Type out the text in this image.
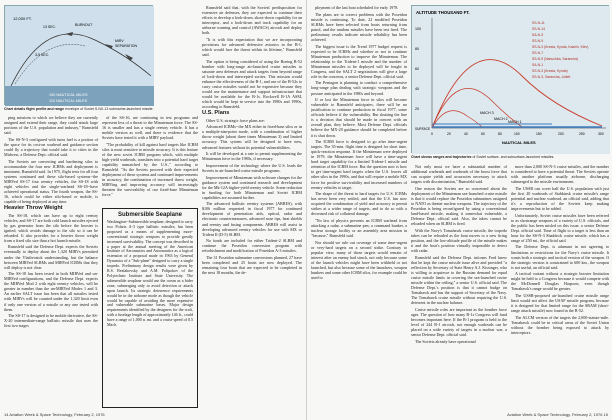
12,000 FT.
13 SEC.
3-5 SEC.
BURNOUT
MIRV
SEPARATION
150 NAUTICAL MILES
110 NAUTICAL MILES
Chart details flight profile and range envelope of Soviet S-NX-13 submarine-launched missile.

ping missions to which we believe they are currently assigned and extend their range, they could attack large portions of the U.S. population and industry," Rumsfeld said.

The SS-N-3 configured with turns fuel is a portion of the space for its cost-on warhead and guidance section could fly a trajectory that would take it to cities in the Midwest, a Defense Dept. official said.

The Soviets are converting and hardening silos to accommodate the four new ICBMs and deployment is imminent, Rumsfeld said. In 1975, flight tests for all four systems continued and these silo-based systems--the MIRVed SS-17 four reentry vehicles, the SS-18 with eight vehicles and the single-warhead SS-18--have achieved operational status. The fourth weapon, the SS-16, which could be either silo-based or mobile, is capable of being deployed at any time.

Heavier Throw Weight

The SS-18, which can have up to eight reentry vehicles, and SS-17 are both cold launch missiles ejected by gas generator from the silo before the booster is ignited, which avoids damage to the silo so it can be reloaded. It also provides for a heavier throw weight from a fixed silo size than a hot launch missile.

Rumsfeld said the Defense Dept. expects the Soviets eventually to deploy about the 1,320 MIRVs permitted under the Vladivostok understanding, but the balance between MIRVed SLBMs and MIRVed ICBMs that they will deploy is not clear.

The SS-18 has been tested in both MIRVed and un-MIRVed configurations, and the Defense Dept. expects the MIRVed Mod 2 with eight reentry vehicles, will be greater in number than the un-MIRVed Modes 1 and 3. An earlier SALT issue has been that all missiles tested with MIRVs will be counted under the 1,320 limit even if only one version of a missile or any one tested with them.

The SS-17 is designed to be mobile derivative, the SS-X-20 intermediate-range ballistic missile that uses the first two stages

of the SS-16, are continuing in test programs and represent less of a threat to the Minuteman force. The SS-16 is smaller and has a single reentry vehicle. It has a mobile version as well, and there is evidence that the Soviets have tested it with a MIRV payload.

"The probability of kill against hard targets like ICBM silos is most sensitive to missile accuracy. It is this feature of the new soviet ICBM program which, with multiple high-yield warheads, translates into a potential hard target capability unmatched by the U.S.," according to Rumsfeld. "As the Soviets proceed with their expected deployment of these systems and continued improvements in accuracy, the combination of increased throw weight, MIRVing and improving accuracy will increasingly threaten the survivability of our fixed-base Minuteman force."

Submersible Seaplane
Washington--Submersible seaplane, designed to carry two Polaris A-3 type ballistic missiles, has been proposed as a means of supplementing more-conventional strategic weapons to provide greatly increased survivability. The concept was described in a paper at the annual meeting of the American Institute of Aeronautics and Astronautics as a logical extension of a proposal made in 1963 by General Dynamics of a "Sub-plane" designed to carry a single torpedo. Preliminary design results were given by R.S. Bezlakovsky and A.M. Polipokov of the Polytechnic Institute and State University. The submersible seaplane would use the ocean as a hider zone, submerging only to avoid detection or attack upon launch. Its strategic deterrence requirements would be in the airborne mode as though the vehicle would be capable of avoiding the more expensive and vulnerable submarine bases. Major design requirements identified by the designers for the craft, with a fuselage length of approximately 146 ft., could have a range of 1,000 n. mi. and a cruise speed of 0.5 Mach.

Rumsfeld said that, with the Soviets' predisposition for extensive air defenses, they are expected to continue their efforts to develop a look-down, shoot-down capability for an interceptor, and a look-down and track capability for an airborne warning and control (AWACS) aircraft and deploy both.

"It is with this expectation that we are incorporating provisions for advanced defensive avionics in the B-1, which would face the threat within its lifetime," Rumsfeld said.

The option is being considered of using the Boeing B-52 bomber with long-range air-launched cruise missiles to saturate area defenses and attack targets from beyond range of look-down and intercepted sorties. This mission would enhance the effectiveness of the B-1, and use of the B-52s to carry cruise missiles would not be expensive because they would use the maintenance and support infrastructure that would be available for the B-1s. Rockwell B-1A ASM, which would be kept in service into the 1980s and 1990s, according to Rumsfeld.

U.S. Plans

Other U.S. strategic force plans are:

Advanced ICBMs--the MX either in fixed-base silos or in a multiple-aim-point mode, with a combination of higher throw weight (about three times Minuteman 3) and limited accuracy. This system will be designed to have new, advanced features without its potential vulnerabilities.

It will be developed at a rate to permit supplementing the Minuteman force in the 1980s, if necessary.

Improvement of the technology where the U.S. leads the Soviets in air-launched cruise missile programs.

Improvement of Minuteman with software changes for the guidance system and continued research and development for the Mk-12A higher-yield reentry vehicle. Some reduction in funding for both Minuteman and Soviet ICBM capabilities are assumed further.

The advanced ballistic reentry systems (ABRES), with $106 million requested in fiscal 1977 for continued development of penetration aids, optical, radar and electronic countermeasures, advanced nose tips, heat shields and reentry and fusing components. ABRES will assist in developing advanced reentry vehicles for use with MX or Trident II (D-5) SLBM.

No funds are included for either Trident-2 SLBM and continue the Poseidon conversion program with refurbishment and modification of Poseidon A-3 missiles.

The 31 Poseidon submarine conversions planned, 27 have been completed and 25 boats are now deployed. The remaining four boats that are expected to be completed in the next 18 months, the de-

14 Aviation Week & Space Technology, February 2, 1976

ployment of the last boat scheduled for early 1978.

The plans are to correct problems with the Poseidon missile is continuing. To date, 22 modified Poseidon SLBMs have been selected from boats returning from patrol, and the random missiles have been test fired. The preliminary results indicate missile reliability has been achieved.

The biggest issue is the Trend 1977 budget request is expected to be ICBMs and whether or not to continue Minuteman production to improve the Minuteman. The relationship to the Trident-1 missile and the number of Minuteman missiles to be deployed will be fought in Congress, and the SALT 2 negotiations will give a large role in the concerns, a senior Defense Dept. official said.

The Pentagon is planning to conduct a comprehensive long-range plan dealing with strategic weapons and the posture anticipated in the 1980s and beyond.

If or lost the Minuteman force in silos will become vulnerable to Rumsfeld anticipates, there will be no justification to continue production in fiscal 1977, some officials believe if the vulnerability. But shutting the line is a decision that should be made in concert with an overall plan, they believe. Most Defense Dept. officials believe the MX-20 guidance should be completed before it is shut down.

The ICBM force is designed to go after time-urgent targets. The 35-min. flight time is designed for short time, quick-reaction response. If the Minuteman were deployed in 1979, the Minuteman force will have a time-urgent hard target capability for a limited Trident-1 missile and retention of the ICBM force. But the question now is how to get time-urgent hard targets when the U.S. leaves all other silos in the 1990s, and that will require a mobile MX force for positive survivability and increased numbers of reentry vehicles to target.

The shape of the threat to hard targets for U.S. ICBMs has never been very settled, and that the U.S. has now acquired the combination of yield and accuracy to permit strikes at a wider range of targets, and to do so with a decreased risk of collateral damage.

"No law of physics prevents an ICBM warhead from attacking a radar, a submarine pen, a command bunker, a nuclear storage facility or an assembly area mission in "because," Rumsfeld said.

Nor should we rule out coverage of some time-urgent or very-hard targets on a second strike. Contrary to popular view, many of those targets would remain of interest after an enemy had struck, not only because some of the launch vehicles might have been withheld or not launched, but also because some of the launchers, weapon bunkers and some other ICBM silos, for example could be used to

ALTITUDE THOUSAND FT.
100
80
60
40
20
SURFACE
MACH 3
MACH 2
MACH 1
SS-N-11
SS-N-14
SA-N-3
SS-N-9
SS-N-3 (Kresta, Kynda, Kashin, Kiev)
SS-N-7
SS-N-9 (Nanuchka, Sarancha)
SA-N-1
SS-N-3 (Kresta, Kynda)
SS-N-3, Sarancha, Juliett
0	20	40	60	80	100	150	200	250	300
NAUTICAL MILES
Chart shows ranges and trajectories of Soviet surface- and subsurface-launched missiles.

Not only must we have a substantial number of additional warheads and warheads of the boost force that can acquire yields and accuracies necessary to attack targets with discrimination," Rumsfeld said.

One reason the Soviets are so concerned about the deployment of the Minuteman sea-launched cruise missile is that it would replace the Poseidon submarines assigned to NATO as theater nuclear weapons. The trajectory of the Poseidon is being reconfigured by using a conventional land-based missile, making it somewhat vulnerable, a Defense Dept. official said. Also, the tubes cannot be reloaded when an SLBM is fired.

With the Navy's Tomahawk cruise missile, the torpedo tubes can be reloaded as the boat moves to a new firing position, and the low-altitude profile of the missile makes it and the boat's position virtually impossible to detect with radar.

Rumsfeld said the Defense Dept. informs Ford knew that he kept the cruise missile issue alive and provided "a reflection by Secretary of State Henry A.J. Kissinger, who is willing to acquiesce to the Russian demand for equal cruise missile limits in covering the sea-launched cruise missile within the ceiling," a senior U.S. official said. The Defense Dept.'s position is that it cannot budge on Tomahawk and has the support of Secretary of the Navy. The Tomahawk cruise missile without requiring the U.S. deterrent in the nuclear balance.

Cruise missile roles are important as the bomber force ages. The question of how many B-1s Congress will fund becomes important here. If the B-1 program is held to the level of 244 B-1 aircraft, not enough warheads can be placed on a wide variety of targets in a nuclear war, a senior Defense Dept. official said.

The Soviets already have operational

more than 2,000 SS-N-3 cruise missiles, and the number is considered to have a potential threat. The Soviets operate with another platform usually airborne, discharging submerged to the missile environment.

The USSR can cover half the U.S. population with just the first 20 warheads of Stabkinsk cruise missile's range potential and nuclear warhead, an official said, adding that it's a reproduction of the Soviets keep making improvements but to be added.

Unfortunately, Soviet cruise missiles have been referred to as shortrange weapons of a variety of U.S. officials, and the public has been misled on this issue, a senior Defense Dept. official said. Time of flight to a target is less than an hour for the SS-N-3 Shaddock cruise missile, which has a range of 250 mi., the official said.

The Defense Dept. is adamant in not agreeing to limitations or restrictions for the Navy's cruise missile. It wants both a strategic and tactical version of the weapon. If the strategic version is constrained to 600 km., the weapon is not useful, an official said.

A tactical variant without a strategic booster limitation might be held to a Congress because it would compete with the McDonnell Douglas Harpoon, even though Tomahawk's range would be greater.

The USSR-proposed air-launched cruise missile range limit would not affect the USAF missile program, because it is designed for that limited range for the SRAM (short-range attack missile) now found in the B-52.

The ALCM version of the targets the 2,000-statute-mile. Tomahawk could be in critical areas of the Soviet Union without the bomber being exposed to attack by interceptors.

Aviation Week & Space Technology, February 2, 1976 15
